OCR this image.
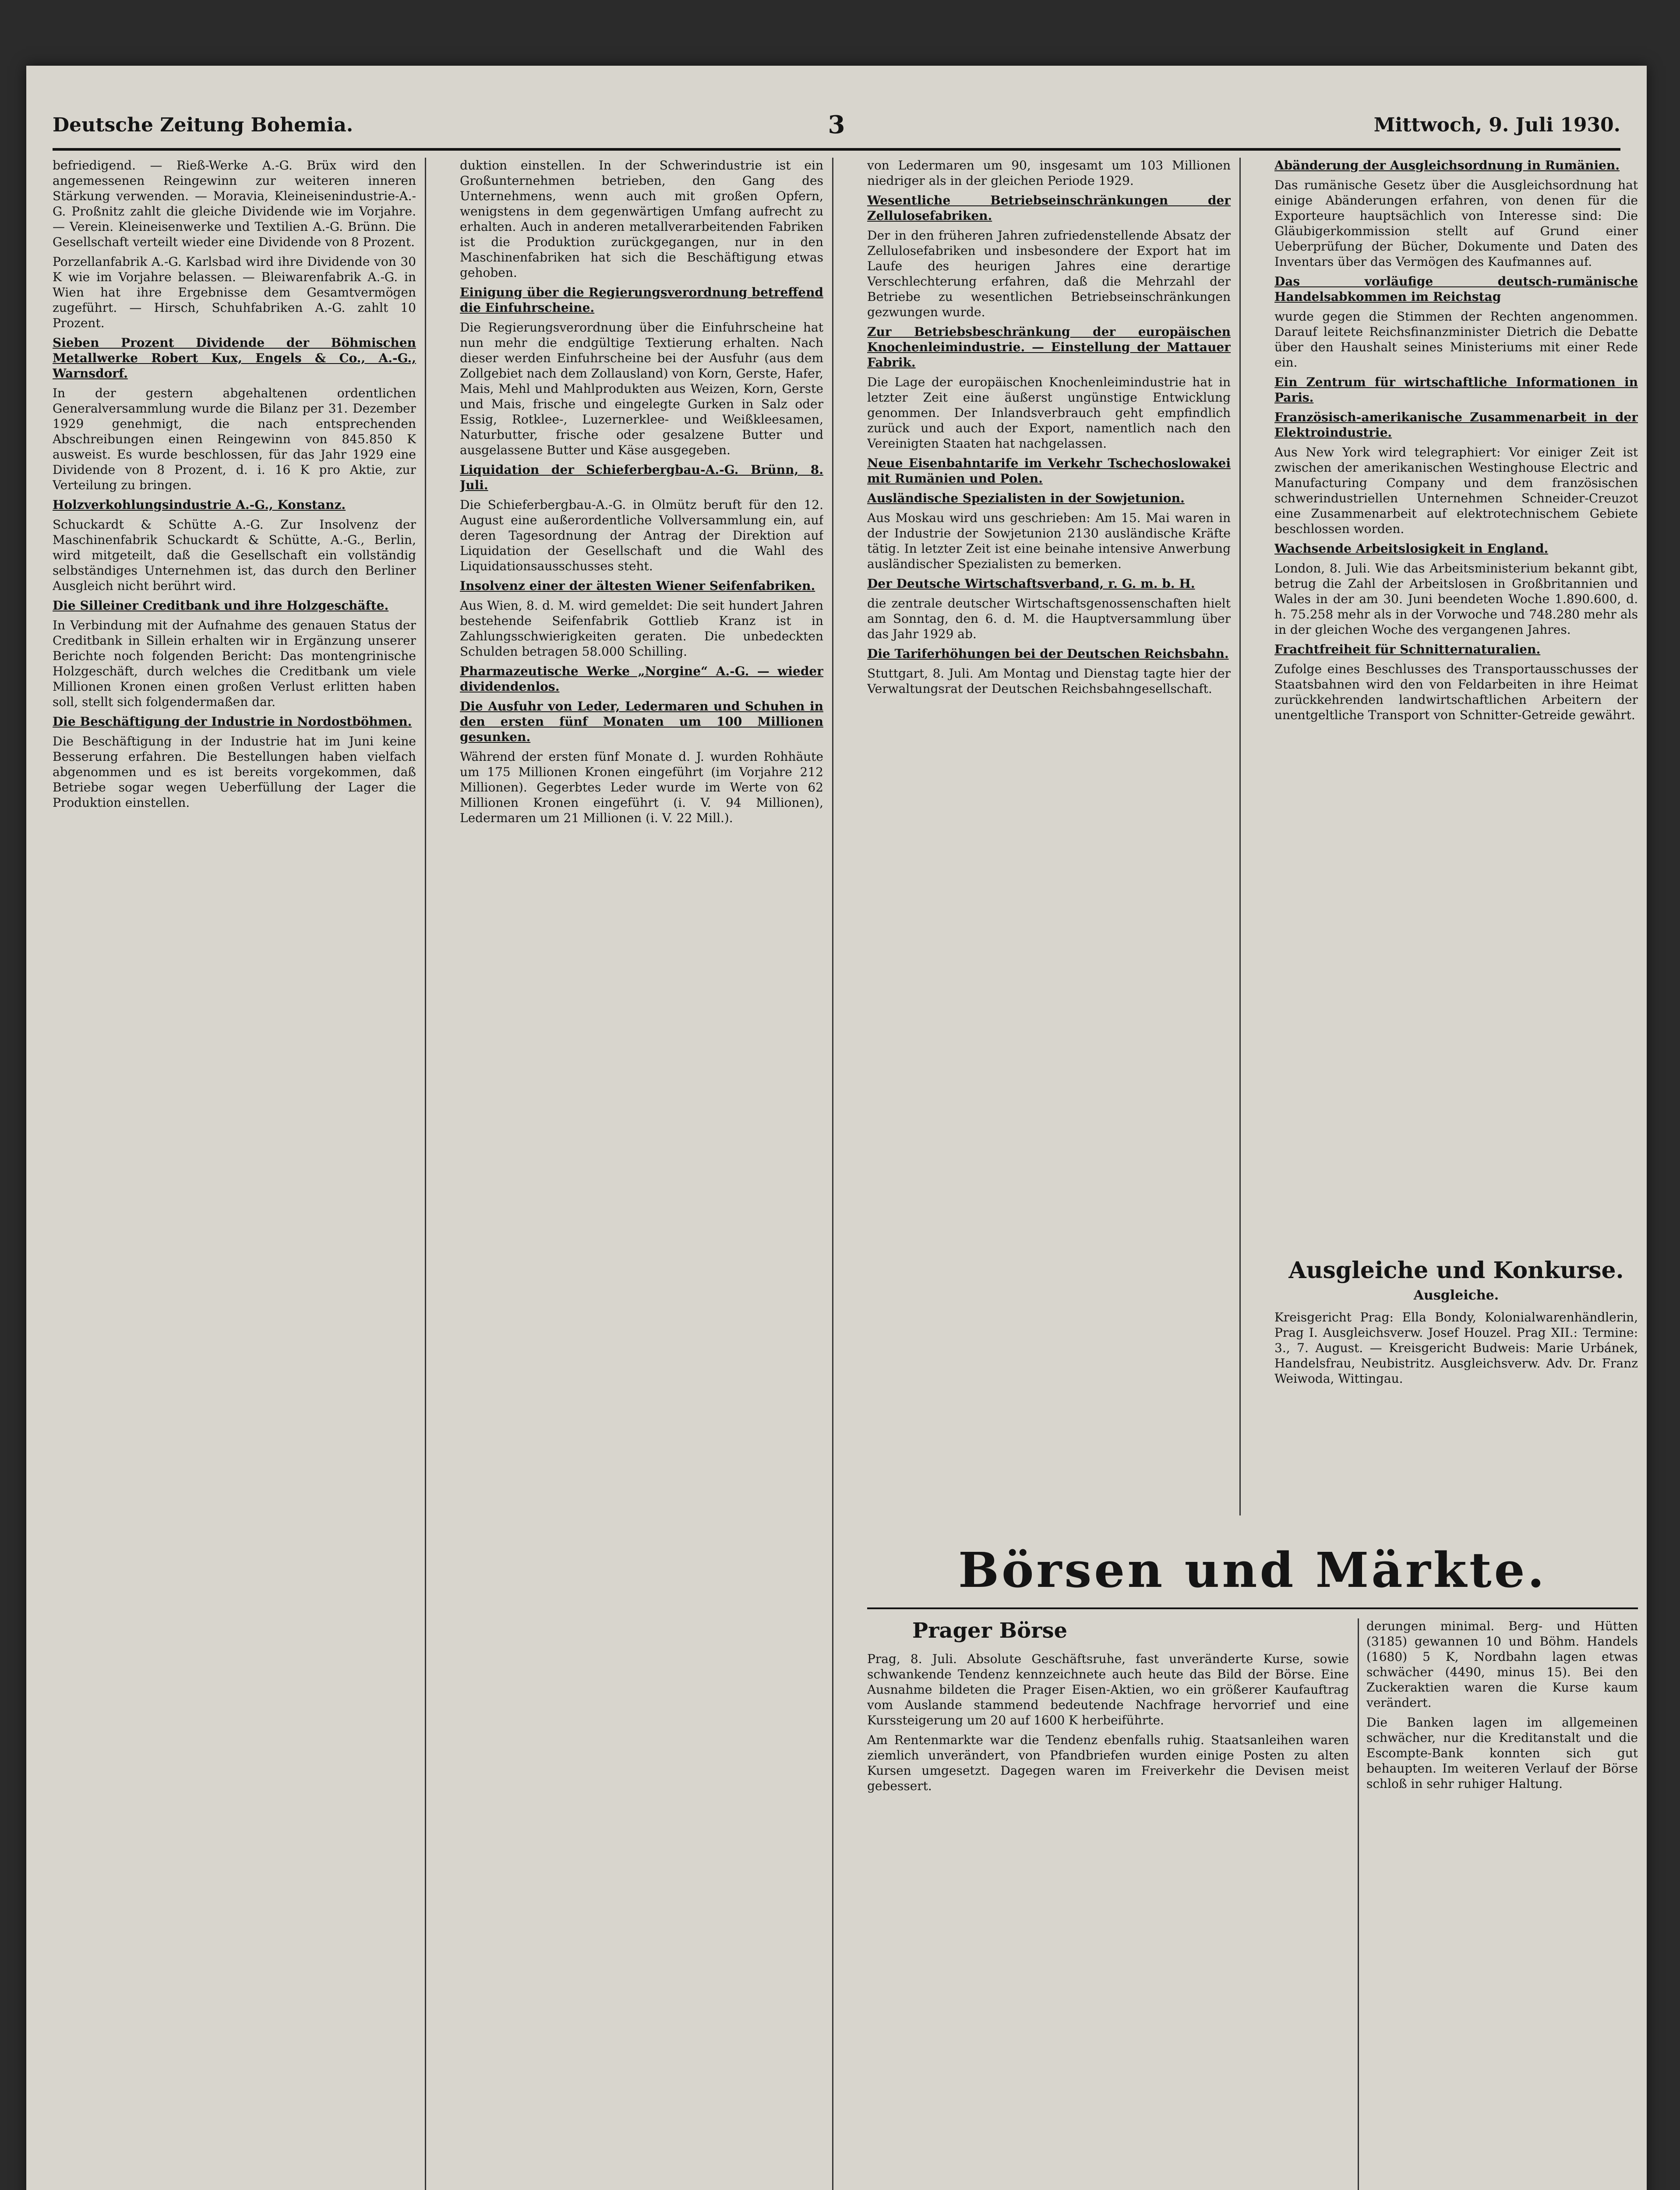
Deutsche Zeitung Bohemia.	3	Mittwoch, 9. Juli 1930.

befriedigend. — Rieß-Werke A.-G. Brüx wird den angemessenen Reingewinn zur weiteren inneren Stärkung verwenden. — Moravia, Kleineisenindustrie-A.-G. Proßnitz zahlt die gleiche Dividende wie im Vorjahre. — Verein. Kleineisenwerke und Textilien A.-G. Brünn. Die Gesellschaft verteilt wieder eine Dividende von 8 Prozent.

Porzellanfabrik A.-G. Karlsbad wird ihre Dividende von 30 K wie im Vorjahre belassen. — Bleiwarenfabrik A.-G. in Wien hat ihre Ergebnisse dem Gesamtvermögen zugeführt. — Hirsch, Schuhfabriken A.-G. zahlt 10 Prozent.

Sieben Prozent Dividende der Böhmischen Metallwerke Robert Kux, Engels & Co., A.-G., Warnsdorf.

In der gestern abgehaltenen ordentlichen Generalversammlung wurde die Bilanz per 31. Dezember 1929 genehmigt, die nach entsprechenden Abschreibungen einen Reingewinn von 845.850 K ausweist. Es wurde beschlossen, für das Jahr 1929 eine Dividende von 8 Prozent, d. i. 16 K pro Aktie, zur Verteilung zu bringen.

Holzverkohlungsindustrie A.-G., Konstanz.

Schuckardt & Schütte A.-G. Zur Insolvenz der Maschinenfabrik Schuckardt & Schütte, A.-G., Berlin, wird mitgeteilt, daß die Gesellschaft ein vollständig selbständiges Unternehmen ist, das durch den Berliner Ausgleich nicht berührt wird.

Die Silleiner Creditbank und ihre Holzgeschäfte.

In Verbindung mit der Aufnahme des genauen Status der Creditbank in Sillein erhalten wir in Ergänzung unserer Berichte noch folgenden Bericht: Das montengrinische Holzgeschäft, durch welches die Creditbank um viele Millionen Kronen einen großen Verlust erlitten haben soll, stellt sich folgendermaßen dar.

Die Beschäftigung der Industrie in Nordostböhmen.

Die Beschäftigung in der Industrie hat im Juni keine Besserung erfahren. Die Bestellungen haben vielfach abgenommen und es ist bereits vorgekommen, daß Betriebe sogar wegen Ueberfüllung der Lager die Produktion einstellen.

duktion einstellen. In der Schwerindustrie ist ein Großunternehmen betrieben, den Gang des Unternehmens, wenn auch mit großen Opfern, wenigstens in dem gegenwärtigen Umfang aufrecht zu erhalten. Auch in anderen metallverarbeitenden Fabriken ist die Produktion zurückgegangen, nur in den Maschinenfabriken hat sich die Beschäftigung etwas gehoben.

Einigung über die Regierungsverordnung betreffend die Einfuhrscheine.

Die Regierungsverordnung über die Einfuhrscheine hat nun mehr die endgültige Textierung erhalten. Nach dieser werden Einfuhrscheine bei der Ausfuhr (aus dem Zollgebiet nach dem Zollausland) von Korn, Gerste, Hafer, Mais, Mehl und Mahlprodukten aus Weizen, Korn, Gerste und Mais, frische und eingelegte Gurken in Salz oder Essig, Rotklee-, Luzernerklee- und Weißkleesamen, Naturbutter, frische oder gesalzene Butter und ausgelassene Butter und Käse ausgegeben.

Liquidation der Schieferbergbau-A.-G. Brünn, 8. Juli.

Die Schieferbergbau-A.-G. in Olmütz beruft für den 12. August eine außerordentliche Vollversammlung ein, auf deren Tagesordnung der Antrag der Direktion auf Liquidation der Gesellschaft und die Wahl des Liquidationsausschusses steht.

Insolvenz einer der ältesten Wiener Seifenfabriken.

Aus Wien, 8. d. M. wird gemeldet: Die seit hundert Jahren bestehende Seifenfabrik Gottlieb Kranz ist in Zahlungsschwierigkeiten geraten. Die unbedeckten Schulden betragen 58.000 Schilling.

Pharmazeutische Werke „Norgine“ A.-G. — wieder dividendenlos.

Die Ausfuhr von Leder, Ledermaren und Schuhen in den ersten fünf Monaten um 100 Millionen gesunken.

Während der ersten fünf Monate d. J. wurden Rohhäute um 175 Millionen Kronen eingeführt (im Vorjahre 212 Millionen). Gegerbtes Leder wurde im Werte von 62 Millionen Kronen eingeführt (i. V. 94 Millionen), Ledermaren um 21 Millionen (i. V. 22 Mill.).

von Ledermaren um 90, insgesamt um 103 Millionen niedriger als in der gleichen Periode 1929.

Wesentliche Betriebseinschränkungen der Zellulosefabriken.

Der in den früheren Jahren zufriedenstellende Absatz der Zellulosefabriken und insbesondere der Export hat im Laufe des heurigen Jahres eine derartige Verschlechterung erfahren, daß die Mehrzahl der Betriebe zu wesentlichen Betriebseinschränkungen gezwungen wurde.

Zur Betriebsbeschränkung der europäischen Knochenleimindustrie. — Einstellung der Mattauer Fabrik.

Die Lage der europäischen Knochenleimindustrie hat in letzter Zeit eine äußerst ungünstige Entwicklung genommen. Der Inlandsverbrauch geht empfindlich zurück und auch der Export, namentlich nach den Vereinigten Staaten hat nachgelassen.

Neue Eisenbahntarife im Verkehr Tschechoslowakei mit Rumänien und Polen.

Ausländische Spezialisten in der Sowjetunion.

Aus Moskau wird uns geschrieben: Am 15. Mai waren in der Industrie der Sowjetunion 2130 ausländische Kräfte tätig. In letzter Zeit ist eine beinahe intensive Anwerbung ausländischer Spezialisten zu bemerken.

Der Deutsche Wirtschaftsverband, r. G. m. b. H.

die zentrale deutscher Wirtschaftsgenossenschaften hielt am Sonntag, den 6. d. M. die Hauptversammlung über das Jahr 1929 ab.

Die Tariferhöhungen bei der Deutschen Reichsbahn.

Stuttgart, 8. Juli. Am Montag und Dienstag tagte hier der Verwaltungsrat der Deutschen Reichsbahngesellschaft.

Abänderung der Ausgleichsordnung in Rumänien.

Das rumänische Gesetz über die Ausgleichsordnung hat einige Abänderungen erfahren, von denen für die Exporteure hauptsächlich von Interesse sind: Die Gläubigerkommission stellt auf Grund einer Ueberprüfung der Bücher, Dokumente und Daten des Inventars über das Vermögen des Kaufmannes auf.

Das vorläufige deutsch-rumänische Handelsabkommen im Reichstag

wurde gegen die Stimmen der Rechten angenommen. Darauf leitete Reichsfinanzminister Dietrich die Debatte über den Haushalt seines Ministeriums mit einer Rede ein.

Ein Zentrum für wirtschaftliche Informationen in Paris.

Französisch-amerikanische Zusammenarbeit in der Elektroindustrie.

Aus New York wird telegraphiert: Vor einiger Zeit ist zwischen der amerikanischen Westinghouse Electric and Manufacturing Company und dem französischen schwerindustriellen Unternehmen Schneider-Creuzot eine Zusammenarbeit auf elektrotechnischem Gebiete beschlossen worden.

Wachsende Arbeitslosigkeit in England.

London, 8. Juli. Wie das Arbeitsministerium bekannt gibt, betrug die Zahl der Arbeitslosen in Großbritannien und Wales in der am 30. Juni beendeten Woche 1.890.600, d. h. 75.258 mehr als in der Vorwoche und 748.280 mehr als in der gleichen Woche des vergangenen Jahres.

Frachtfreiheit für Schnitternaturalien.

Zufolge eines Beschlusses des Transportausschusses der Staatsbahnen wird den von Feldarbeiten in ihre Heimat zurückkehrenden landwirtschaftlichen Arbeitern der unentgeltliche Transport von Schnitter-Getreide gewährt.

Ausgleiche und Konkurse.
Ausgleiche.

Kreisgericht Prag: Ella Bondy, Kolonialwarenhändlerin, Prag I. Ausgleichsverw. Josef Houzel. Prag XII.: Termine: 3., 7. August. — Kreisgericht Budweis: Marie Urbánek, Handelsfrau, Neubistritz. Ausgleichsverw. Adv. Dr. Franz Weiwoda, Wittingau.

Börsen und Märkte.
Prager Börse

Prag, 8. Juli. Absolute Geschäftsruhe, fast unveränderte Kurse, sowie schwankende Tendenz kennzeichnete auch heute das Bild der Börse. Eine Ausnahme bildeten die Prager Eisen-Aktien, wo ein größerer Kaufauftrag vom Auslande stammend bedeutende Nachfrage hervorrief und eine Kurssteigerung um 20 auf 1600 K herbeiführte.

Am Rentenmarkte war die Tendenz ebenfalls ruhig. Staatsanleihen waren ziemlich unverändert, von Pfandbriefen wurden einige Posten zu alten Kursen umgesetzt. Dagegen waren im Freiverkehr die Devisen meist gebessert.

derungen minimal. Berg- und Hütten (3185) gewannen 10 und Böhm. Handels (1680) 5 K, Nordbahn lagen etwas schwächer (4490, minus 15). Bei den Zuckeraktien waren die Kurse kaum verändert.

Die Banken lagen im allgemeinen schwächer, nur die Kreditanstalt und die Escompte-Bank konnten sich gut behaupten. Im weiteren Verlauf der Börse schloß in sehr ruhiger Haltung.
